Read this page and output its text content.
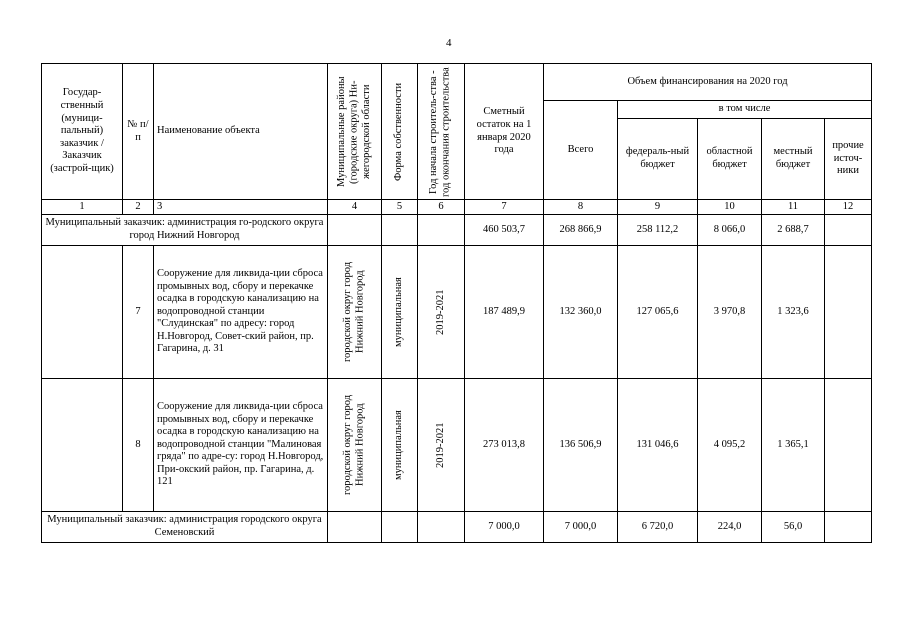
4
Государ-ственный (муници-пальный) заказчик / Заказчик (застрой-щик)	№ п/п	Наименование объекта	Муниципальные районы (городские округа) Ни-жегородской области	Форма собственности	Год начала строитель-ства - год окончания строительства	Сметный остаток на 1 января 2020 года	Объем финансирования на 2020 год				
							Всего	в том числе			
								федераль-ный бюджет	областной бюджет	местный бюджет	прочие источ-ники
1	2	3	4	5	6	7	8	9	10	11	12
Муниципальный заказчик: администрация го-родского округа город Нижний Новгород						460 503,7	268 866,9	258 112,2	8 066,0	2 688,7	
	7	Сооружение для ликвида-ции сброса промывных вод, сбору и перекачке осадка в городскую канализацию на водопроводной станции "Слудинская" по адресу: город Н.Новгород, Совет-ский район, пр. Гагарина, д. 31	городской округ город Нижний Новгород	муниципальная	2019-2021	187 489,9	132 360,0	127 065,6	3 970,8	1 323,6	
	8	Сооружение для ликвида-ции сброса промывных вод, сбору и перекачке осадка в городскую канализацию на водопроводной станции "Малиновая гряда" по адре-су: город Н.Новгород, При-окский район, пр. Гагарина, д. 121	городской округ город Нижний Новгород	муниципальная	2019-2021	273 013,8	136 506,9	131 046,6	4 095,2	1 365,1	
Муниципальный заказчик: администрация городского округа Семеновский						7 000,0	7 000,0	6 720,0	224,0	56,0	
